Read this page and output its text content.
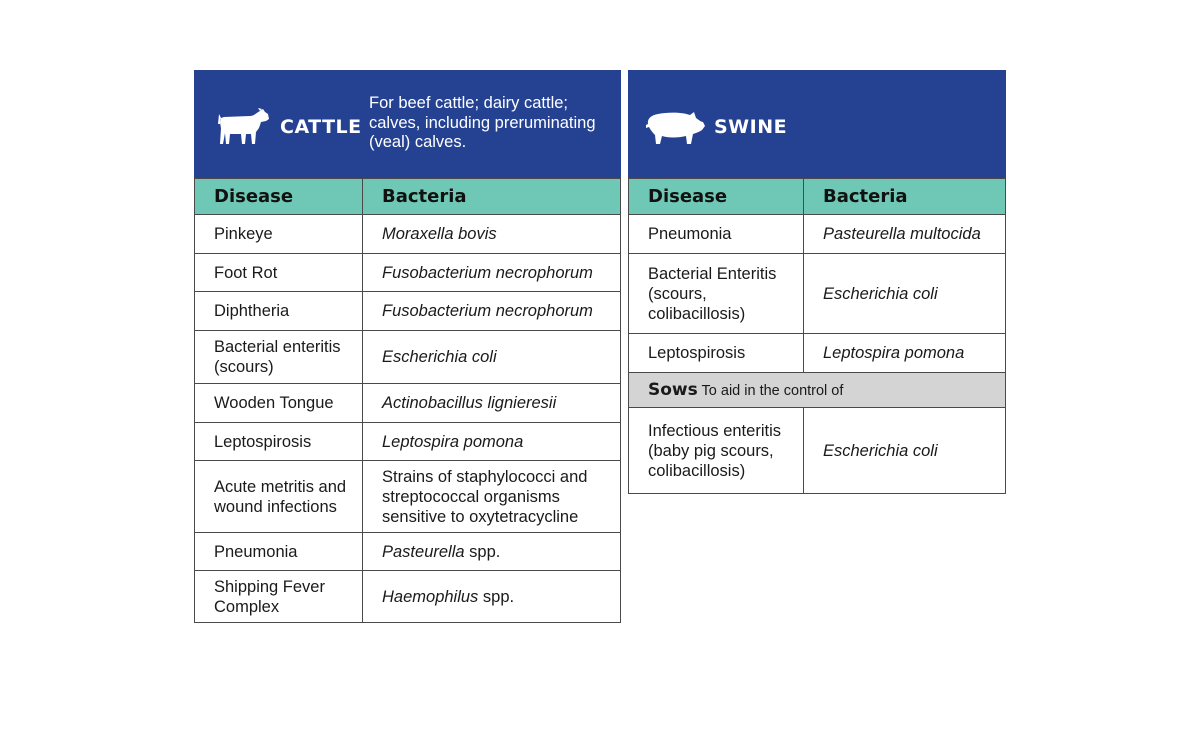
CATTLE
For beef cattle; dairy cattle; calves, including preruminating (veal) calves.
Disease	Bacteria
Pinkeye	Moraxella bovis
Foot Rot	Fusobacterium necrophorum
Diphtheria	Fusobacterium necrophorum
Bacterial enteritis (scours)	Escherichia coli
Wooden Tongue	Actinobacillus lignieresii
Leptospirosis	Leptospira pomona
Acute metritis and wound infections	Strains of staphylococci and streptococcal organisms sensitive to oxytetracycline
Pneumonia	Pasteurella spp.
Shipping Fever Complex	Haemophilus spp.
SWINE
Disease	Bacteria
Pneumonia	Pasteurella multocida
Bacterial Enteritis (scours, colibacillosis)	Escherichia coli
Leptospirosis	Leptospira pomona
Sows To aid in the control of	
Infectious enteritis (baby pig scours, colibacillosis)	Escherichia coli
